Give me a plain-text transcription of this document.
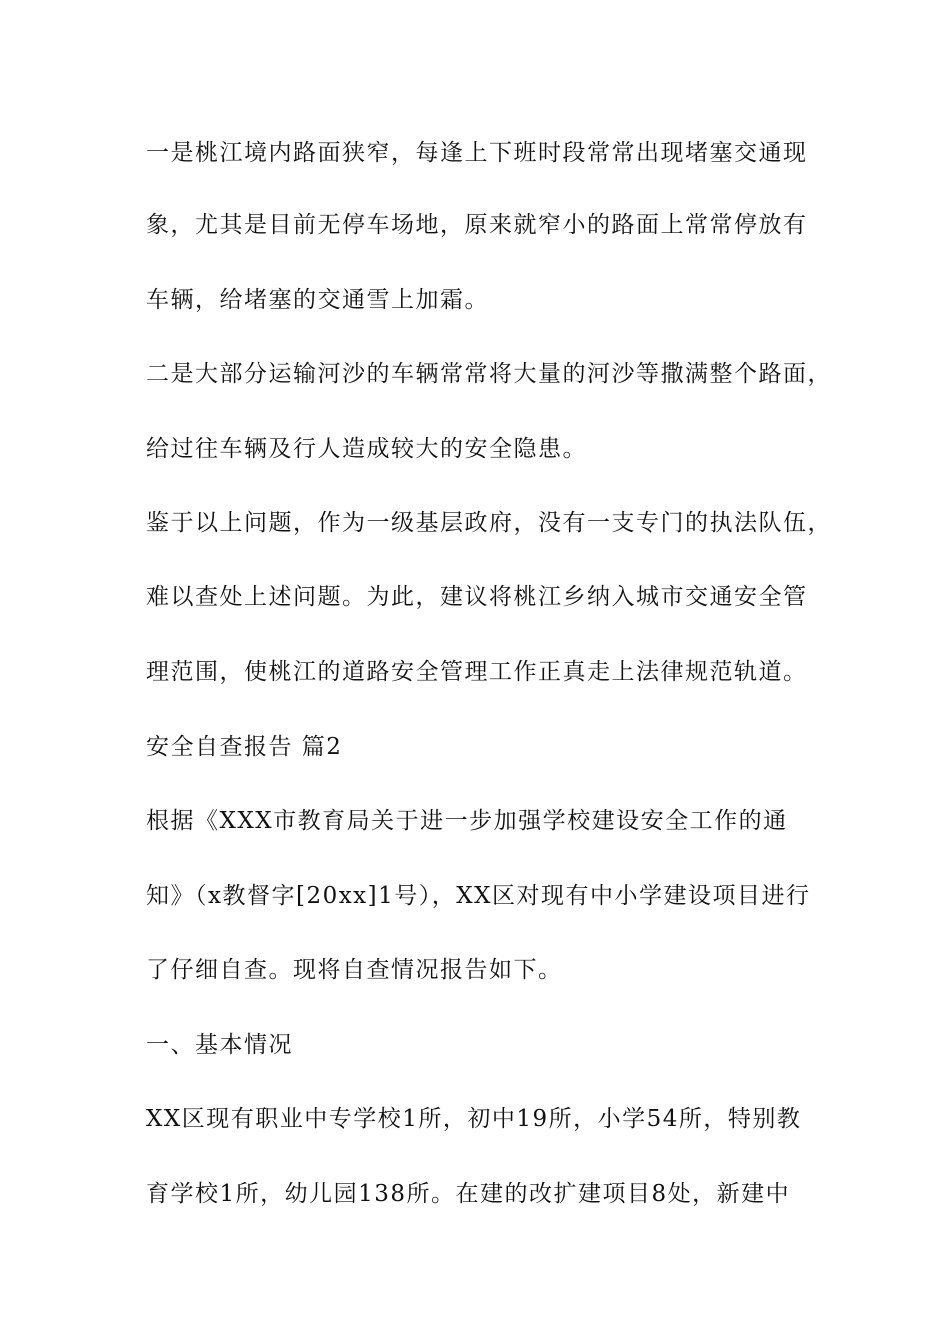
一是桃江境内路面狭窄，每逢上下班时段常常出现堵塞交通现
象，尤其是目前无停车场地，原来就窄小的路面上常常停放有
车辆，给堵塞的交通雪上加霜。
二是大部分运输河沙的车辆常常将大量的河沙等撒满整个路面，
给过往车辆及行人造成较大的安全隐患。
鉴于以上问题，作为一级基层政府，没有一支专门的执法队伍，
难以查处上述问题。为此，建议将桃江乡纳入城市交通安全管
理范围，使桃江的道路安全管理工作正真走上法律规范轨道。
安全自查报告 篇2
根据《XXX市教育局关于进一步加强学校建设安全工作的通
知》（x教督字[20xx]1号），XX区对现有中小学建设项目进行
了仔细自查。现将自查情况报告如下。
一、基本情况
XX区现有职业中专学校1所，初中19所，小学54所，特别教
育学校1所，幼儿园138所。在建的改扩建项目8处，新建中
